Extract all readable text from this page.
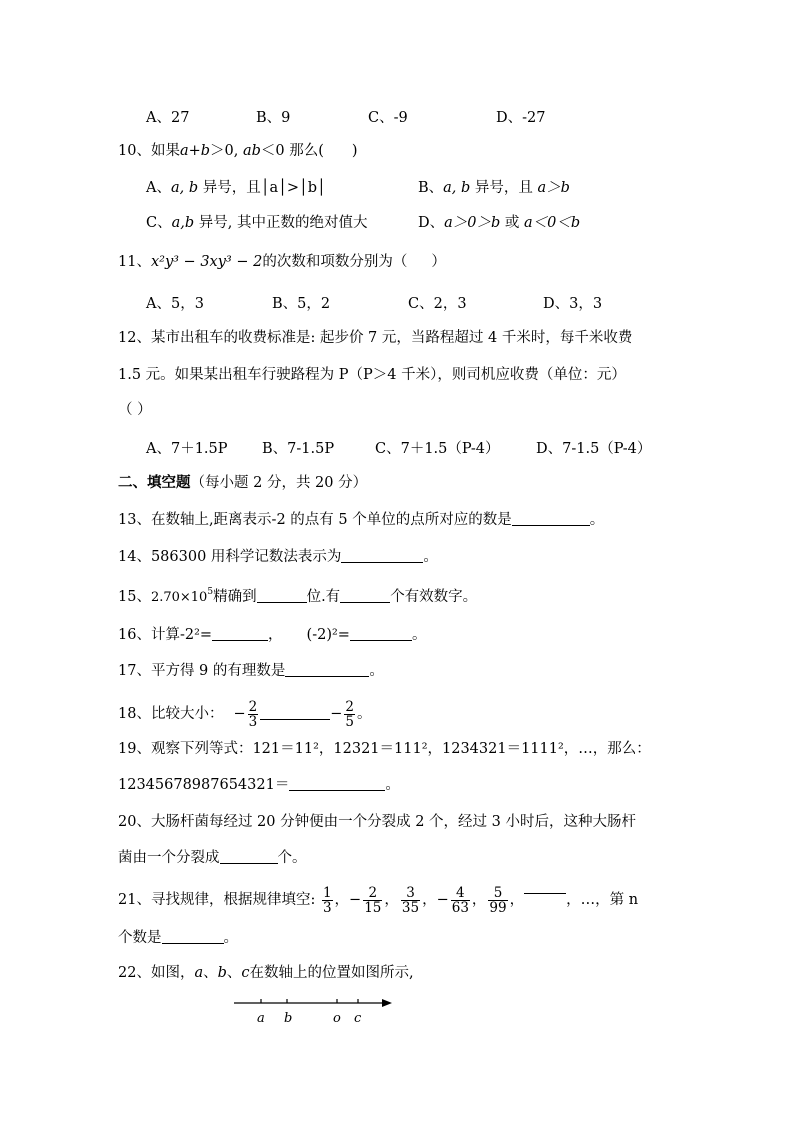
A、27	B、9	C、-9	D、-27
10、如果a+b＞0, ab＜0 那么( )
A、a, b 异号，且│a│>│b│	B、a, b 异号，且 a＞b
C、a,b 异号, 其中正数的绝对值大	D、a＞0＞b 或 a＜0＜b
11、x²y³ − 3xy³ − 2的次数和项数分别为（ ）
A、5，3	B、5，2	C、2，3	D、3，3
12、某市出租车的收费标准是: 起步价 7 元，当路程超过 4 千米时，每千米收费
1.5 元。如果某出租车行驶路程为 P（P＞4 千米），则司机应收费（单位：元）
（ ）
A、7＋1.5P B、7-1.5P	C、7＋1.5（P-4）	D、7-1.5（P-4）
二、填空题（每小题 2 分，共 20 分）
13、在数轴上,距离表示-2 的点有 5 个单位的点所对应的数是	。
14、586300 用科学记数法表示为	。
15、$2.70\times 10^5$精确到	位.有	个有效数字。
16、计算-2²=	， (-2)²=	。
17、平方得 9 的有理数是	。
18、比较大小： − $\frac{2}{3}$	− $\frac{2}{5}$ 。
19、观察下列等式：121＝11²，12321＝111²，1234321＝1111²，…，那么：
12345678987654321＝	。
20、大肠杆菌每经过 20 分钟便由一个分裂成 2 个，经过 3 小时后，这种大肠杆
菌由一个分裂成	个。
21、寻找规律，根据规律填空: $\frac{1}{3}$ ，− $\frac{2}{15}$ ， $\frac{3}{35}$ ，− $\frac{4}{63}$ ， $\frac{5}{99}$ ，	，…，第 n
个数是	。
22、如图，a、b、c在数轴上的位置如图所示,
a b	o c
